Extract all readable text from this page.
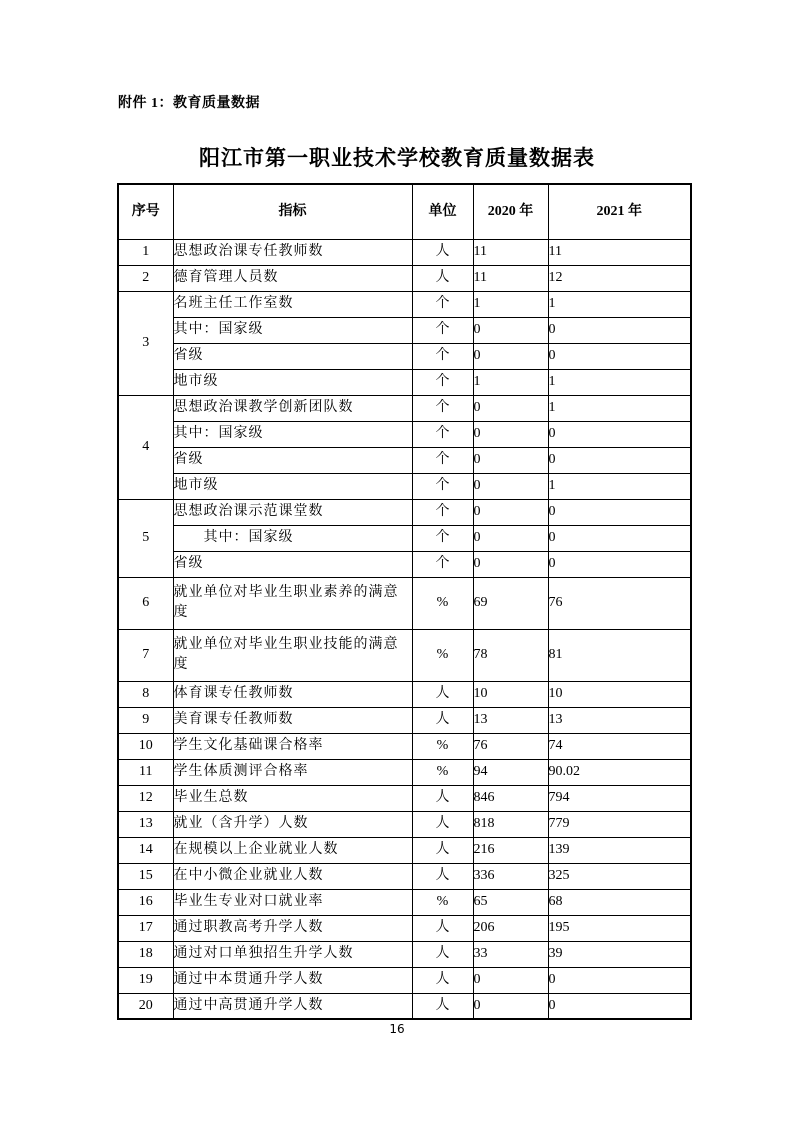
附件 1：教育质量数据
阳江市第一职业技术学校教育质量数据表
序号	指标	单位	2020 年	2021 年
1	思想政治课专任教师数	人	11	11
2	德育管理人员数	人	11	12
3	名班主任工作室数	个	1	1
	其中：国家级	个	0	0
	省级	个	0	0
	地市级	个	1	1
4	思想政治课教学创新团队数	个	0	1
	其中：国家级	个	0	0
	省级	个	0	0
	地市级	个	0	1
5	思想政治课示范课堂数	个	0	0
	　　其中：国家级	个	0	0
	省级	个	0	0
6	就业单位对毕业生职业素养的满意度	%	69	76
7	就业单位对毕业生职业技能的满意度	%	78	81
8	体育课专任教师数	人	10	10
9	美育课专任教师数	人	13	13
10	学生文化基础课合格率	%	76	74
11	学生体质测评合格率	%	94	90.02
12	毕业生总数	人	846	794
13	就业（含升学）人数	人	818	779
14	在规模以上企业就业人数	人	216	139
15	在中小微企业就业人数	人	336	325
16	毕业生专业对口就业率	%	65	68
17	通过职教高考升学人数	人	206	195
18	通过对口单独招生升学人数	人	33	39
19	通过中本贯通升学人数	人	0	0
20	通过中高贯通升学人数	人	0	0
16
